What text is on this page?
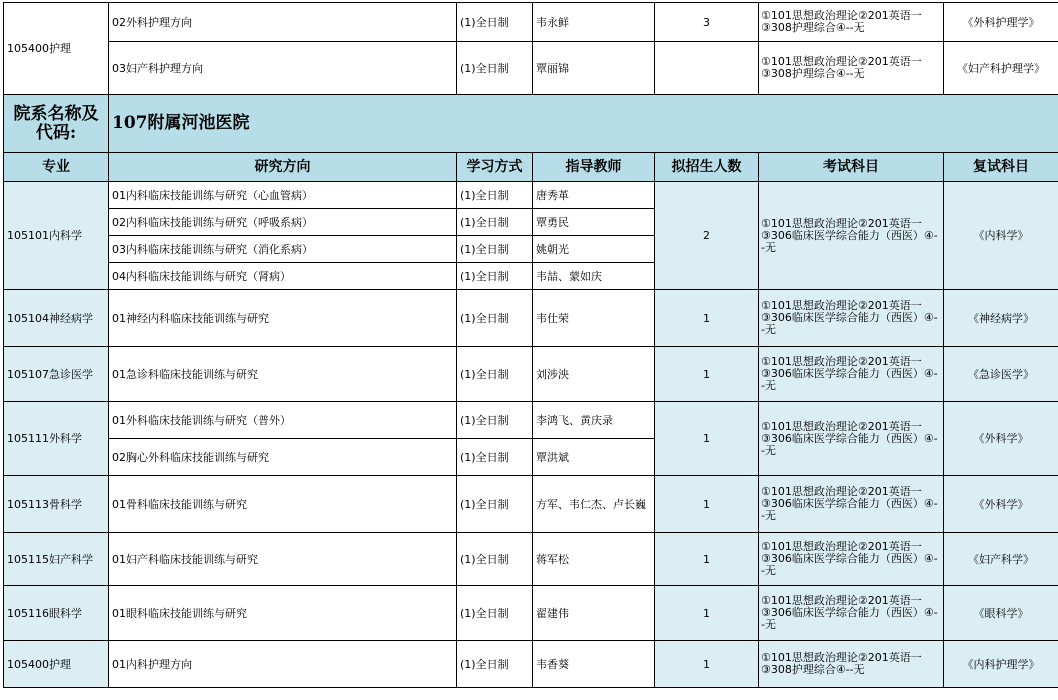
105400护理	02外科护理方向	(1)全日制	韦永鲜	3	①101思想政治理论②201英语一③308护理综合④--无	《外科护理学》
	03妇产科护理方向	(1)全日制	覃丽锦		①101思想政治理论②201英语一③308护理综合④--无	《妇产科护理学》
院系名称及代码:	107附属河池医院					
专业	研究方向	学习方式	指导教师	拟招生人数	考试科目	复试科目
105101内科学	01内科临床技能训练与研究（心血管病）	(1)全日制	唐秀革	2	①101思想政治理论②201英语一③306临床医学综合能力（西医）④--无	《内科学》
	02内科临床技能训练与研究（呼吸系病）	(1)全日制	覃勇民			
	03内科临床技能训练与研究（消化系病）	(1)全日制	姚朝光			
	04内科临床技能训练与研究（肾病）	(1)全日制	韦喆、蒙如庆			
105104神经病学	01神经内科临床技能训练与研究	(1)全日制	韦仕荣	1	①101思想政治理论②201英语一③306临床医学综合能力（西医）④--无	《神经病学》
105107急诊医学	01急诊科临床技能训练与研究	(1)全日制	刘涉泱	1	①101思想政治理论②201英语一③306临床医学综合能力（西医）④--无	《急诊医学》
105111外科学	01外科临床技能训练与研究（普外）	(1)全日制	李鸿飞、黄庆录	1	①101思想政治理论②201英语一③306临床医学综合能力（西医）④--无	《外科学》
	02胸心外科临床技能训练与研究	(1)全日制	覃洪斌			
105113骨科学	01骨科临床技能训练与研究	(1)全日制	方军、韦仁杰、卢长巍	1	①101思想政治理论②201英语一③306临床医学综合能力（西医）④--无	《外科学》
105115妇产科学	01妇产科临床技能训练与研究	(1)全日制	蒋军松	1	①101思想政治理论②201英语一③306临床医学综合能力（西医）④--无	《妇产科学》
105116眼科学	01眼科临床技能训练与研究	(1)全日制	翟建伟	1	①101思想政治理论②201英语一③306临床医学综合能力（西医）④--无	《眼科学》
105400护理	01内科护理方向	(1)全日制	韦香葵	1	①101思想政治理论②201英语一③308护理综合④--无	《内科护理学》
